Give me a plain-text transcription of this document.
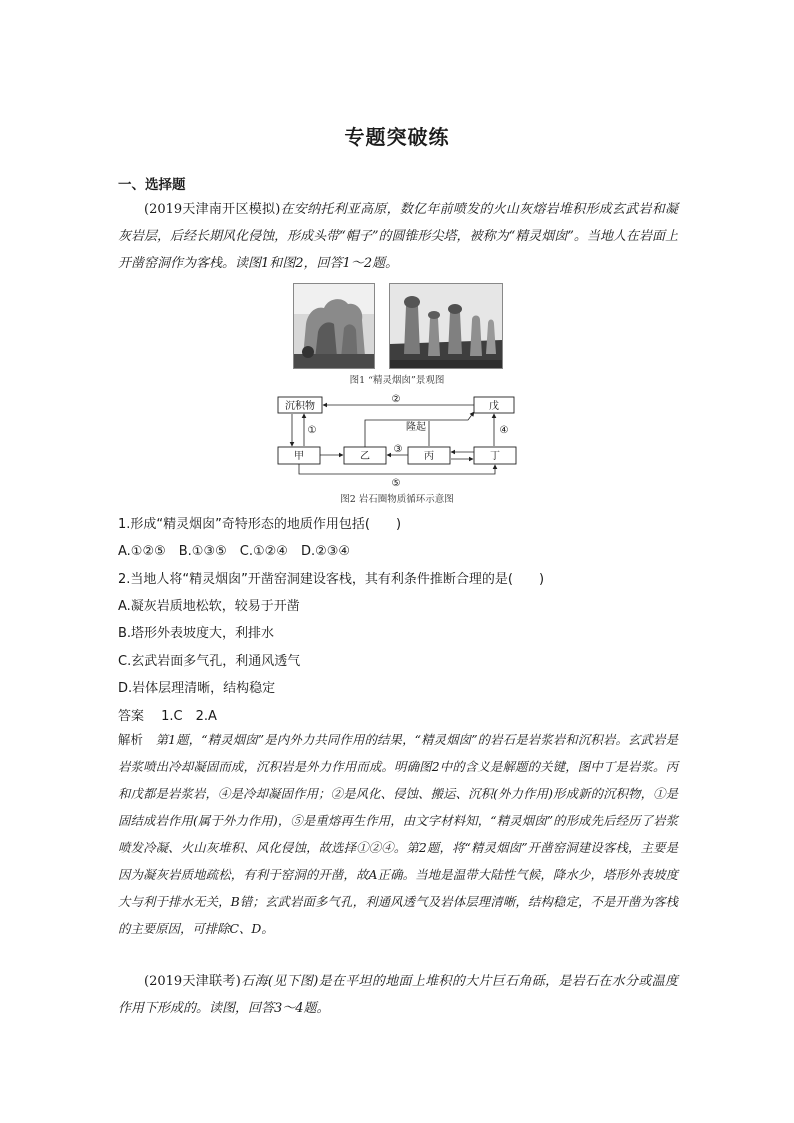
专题突破练
一、选择题

(2019天津南开区模拟)在安纳托利亚高原，数亿年前喷发的火山灰熔岩堆积形成玄武岩和凝灰岩层，后经长期风化侵蚀，形成头带“帽子”的圆锥形尖塔，被称为“精灵烟囱”。当地人在岩面上开凿窑洞作为客栈。读图1和图2，回答1～2题。

图1 “精灵烟囱”景观图
沉积物	戊
甲	乙	丙	丁
②
①
③
④
⑤
隆起
图2 岩石圈物质循环示意图
1.形成“精灵烟囱”奇特形态的地质作用包括(　　)
A.①②⑤　B.①③⑤　C.①②④　D.②③④
2.当地人将“精灵烟囱”开凿窑洞建设客栈，其有利条件推断合理的是(　　)
A.凝灰岩质地松软，较易于开凿
B.塔形外表坡度大，利排水
C.玄武岩面多气孔，利通风透气
D.岩体层理清晰，结构稳定
答案　 1.C　2.A

解析　 第1题，“精灵烟囱”是内外力共同作用的结果，“精灵烟囱”的岩石是岩浆岩和沉积岩。玄武岩是岩浆喷出冷却凝固而成，沉积岩是外力作用而成。明确图2中的含义是解题的关键，图中丁是岩浆。丙和戊都是岩浆岩，④是冷却凝固作用；②是风化、侵蚀、搬运、沉积(外力作用)形成新的沉积物，①是固结成岩作用(属于外力作用)，⑤是重熔再生作用，由文字材料知，“精灵烟囱”的形成先后经历了岩浆喷发冷凝、火山灰堆积、风化侵蚀，故选择①②④。第2题，将“精灵烟囱”开凿窑洞建设客栈，主要是因为凝灰岩质地疏松，有利于窑洞的开凿，故A正确。当地是温带大陆性气候，降水少，塔形外表坡度大与利于排水无关，B错；玄武岩面多气孔，利通风透气及岩体层理清晰，结构稳定，不是开凿为客栈的主要原因，可排除C、D。

(2019天津联考)石海(见下图)是在平坦的地面上堆积的大片巨石角砾，是岩石在水分或温度作用下形成的。读图，回答3～4题。
